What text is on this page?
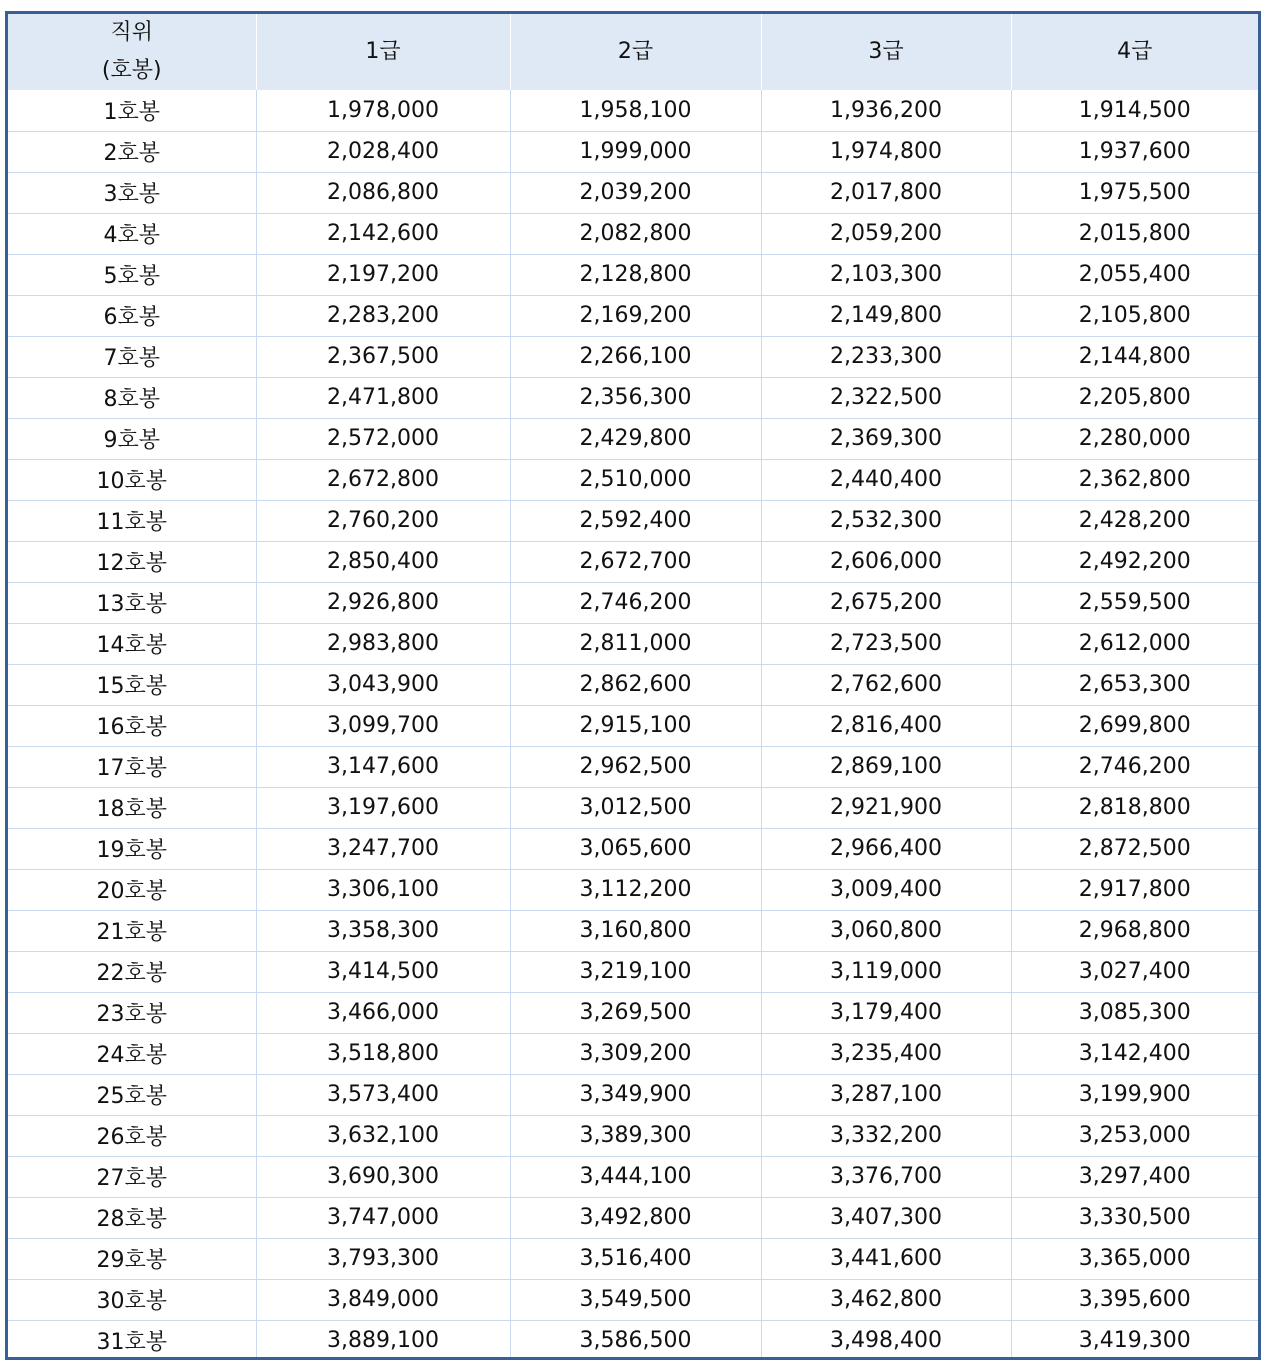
직위
(호봉)	1급	2급	3급	4급
1호봉	1,978,000	1,958,100	1,936,200	1,914,500
2호봉	2,028,400	1,999,000	1,974,800	1,937,600
3호봉	2,086,800	2,039,200	2,017,800	1,975,500
4호봉	2,142,600	2,082,800	2,059,200	2,015,800
5호봉	2,197,200	2,128,800	2,103,300	2,055,400
6호봉	2,283,200	2,169,200	2,149,800	2,105,800
7호봉	2,367,500	2,266,100	2,233,300	2,144,800
8호봉	2,471,800	2,356,300	2,322,500	2,205,800
9호봉	2,572,000	2,429,800	2,369,300	2,280,000
10호봉	2,672,800	2,510,000	2,440,400	2,362,800
11호봉	2,760,200	2,592,400	2,532,300	2,428,200
12호봉	2,850,400	2,672,700	2,606,000	2,492,200
13호봉	2,926,800	2,746,200	2,675,200	2,559,500
14호봉	2,983,800	2,811,000	2,723,500	2,612,000
15호봉	3,043,900	2,862,600	2,762,600	2,653,300
16호봉	3,099,700	2,915,100	2,816,400	2,699,800
17호봉	3,147,600	2,962,500	2,869,100	2,746,200
18호봉	3,197,600	3,012,500	2,921,900	2,818,800
19호봉	3,247,700	3,065,600	2,966,400	2,872,500
20호봉	3,306,100	3,112,200	3,009,400	2,917,800
21호봉	3,358,300	3,160,800	3,060,800	2,968,800
22호봉	3,414,500	3,219,100	3,119,000	3,027,400
23호봉	3,466,000	3,269,500	3,179,400	3,085,300
24호봉	3,518,800	3,309,200	3,235,400	3,142,400
25호봉	3,573,400	3,349,900	3,287,100	3,199,900
26호봉	3,632,100	3,389,300	3,332,200	3,253,000
27호봉	3,690,300	3,444,100	3,376,700	3,297,400
28호봉	3,747,000	3,492,800	3,407,300	3,330,500
29호봉	3,793,300	3,516,400	3,441,600	3,365,000
30호봉	3,849,000	3,549,500	3,462,800	3,395,600
31호봉	3,889,100	3,586,500	3,498,400	3,419,300
